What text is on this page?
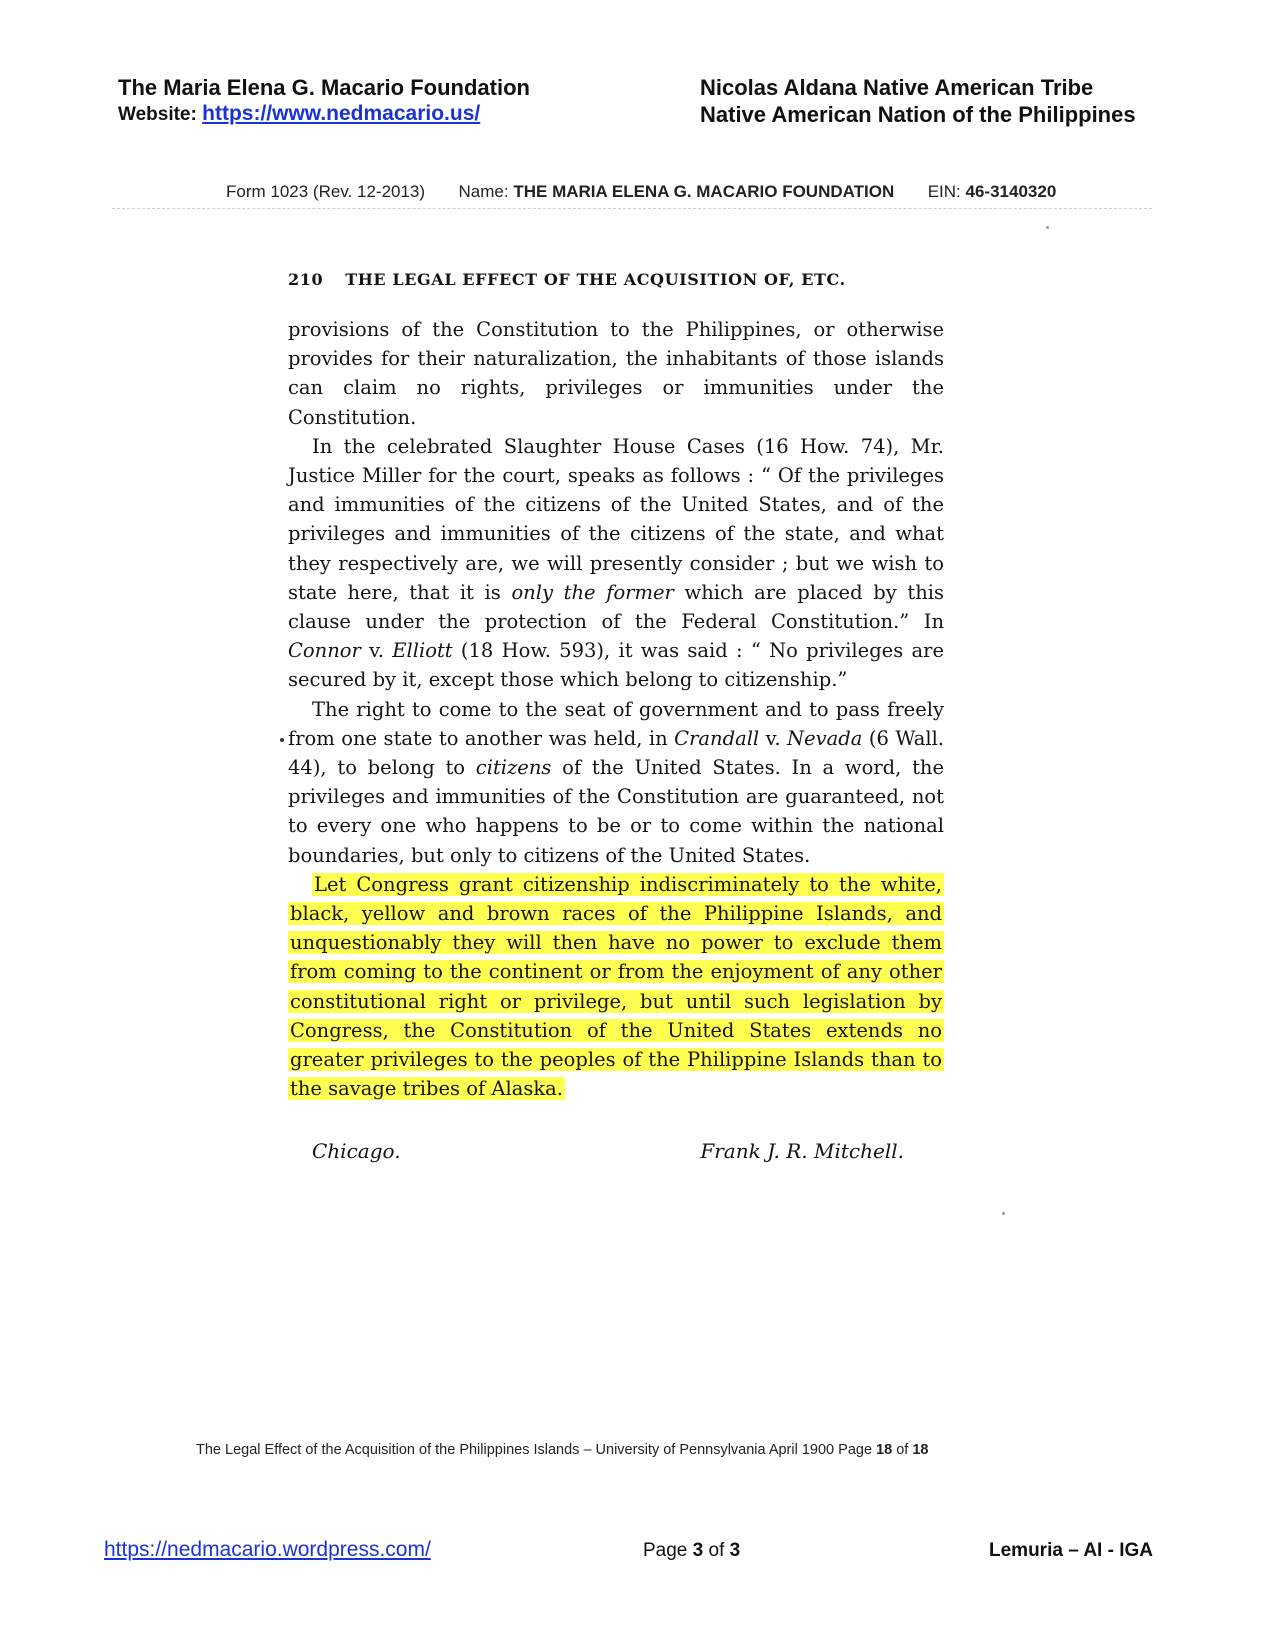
The Maria Elena G. Macario Foundation
Website: https://www.nedmacario.us/
Nicolas Aldana Native American Tribe
Native American Nation of the Philippines
Form 1023 (Rev. 12-2013) Name: THE MARIA ELENA G. MACARIO FOUNDATION EIN: 46-3140320
210 THE LEGAL EFFECT OF THE ACQUISITION OF, ETC.

provisions of the Constitution to the Philippines, or otherwise provides for their naturalization, the inhabitants of those islands can claim no rights, privileges or immunities under the Constitution.

In the celebrated Slaughter House Cases (16 How. 74), Mr. Justice Miller for the court, speaks as follows : “ Of the privileges and immunities of the citizens of the United States, and of the privileges and immunities of the citizens of the state, and what they respectively are, we will presently consider ; but we wish to state here, that it is only the former which are placed by this clause under the protection of the Federal Constitution.” In Connor v. Elliott (18 How. 593), it was said : “ No privileges are secured by it, except those which belong to citizenship.”

The right to come to the seat of government and to pass freely from one state to another was held, in Crandall v. Nevada (6 Wall. 44), to belong to citizens of the United States. In a word, the privileges and immunities of the Constitution are guaranteed, not to every one who happens to be or to come within the national boundaries, but only to citizens of the United States.

Let Congress grant citizenship indiscriminately to the white, black, yellow and brown races of the Philippine Islands, and unquestionably they will then have no power to exclude them from coming to the continent or from the enjoyment of any other constitutional right or privilege, but until such legislation by Congress, the Constitution of the United States extends no greater privileges to the peoples of the Philippine Islands than to the savage tribes of Alaska.

Chicago.	Frank J. R. Mitchell.
The Legal Effect of the Acquisition of the Philippines Islands – University of Pennsylvania April 1900 Page 18 of 18
https://nedmacario.wordpress.com/	Page 3 of 3	Lemuria – AI - IGA
